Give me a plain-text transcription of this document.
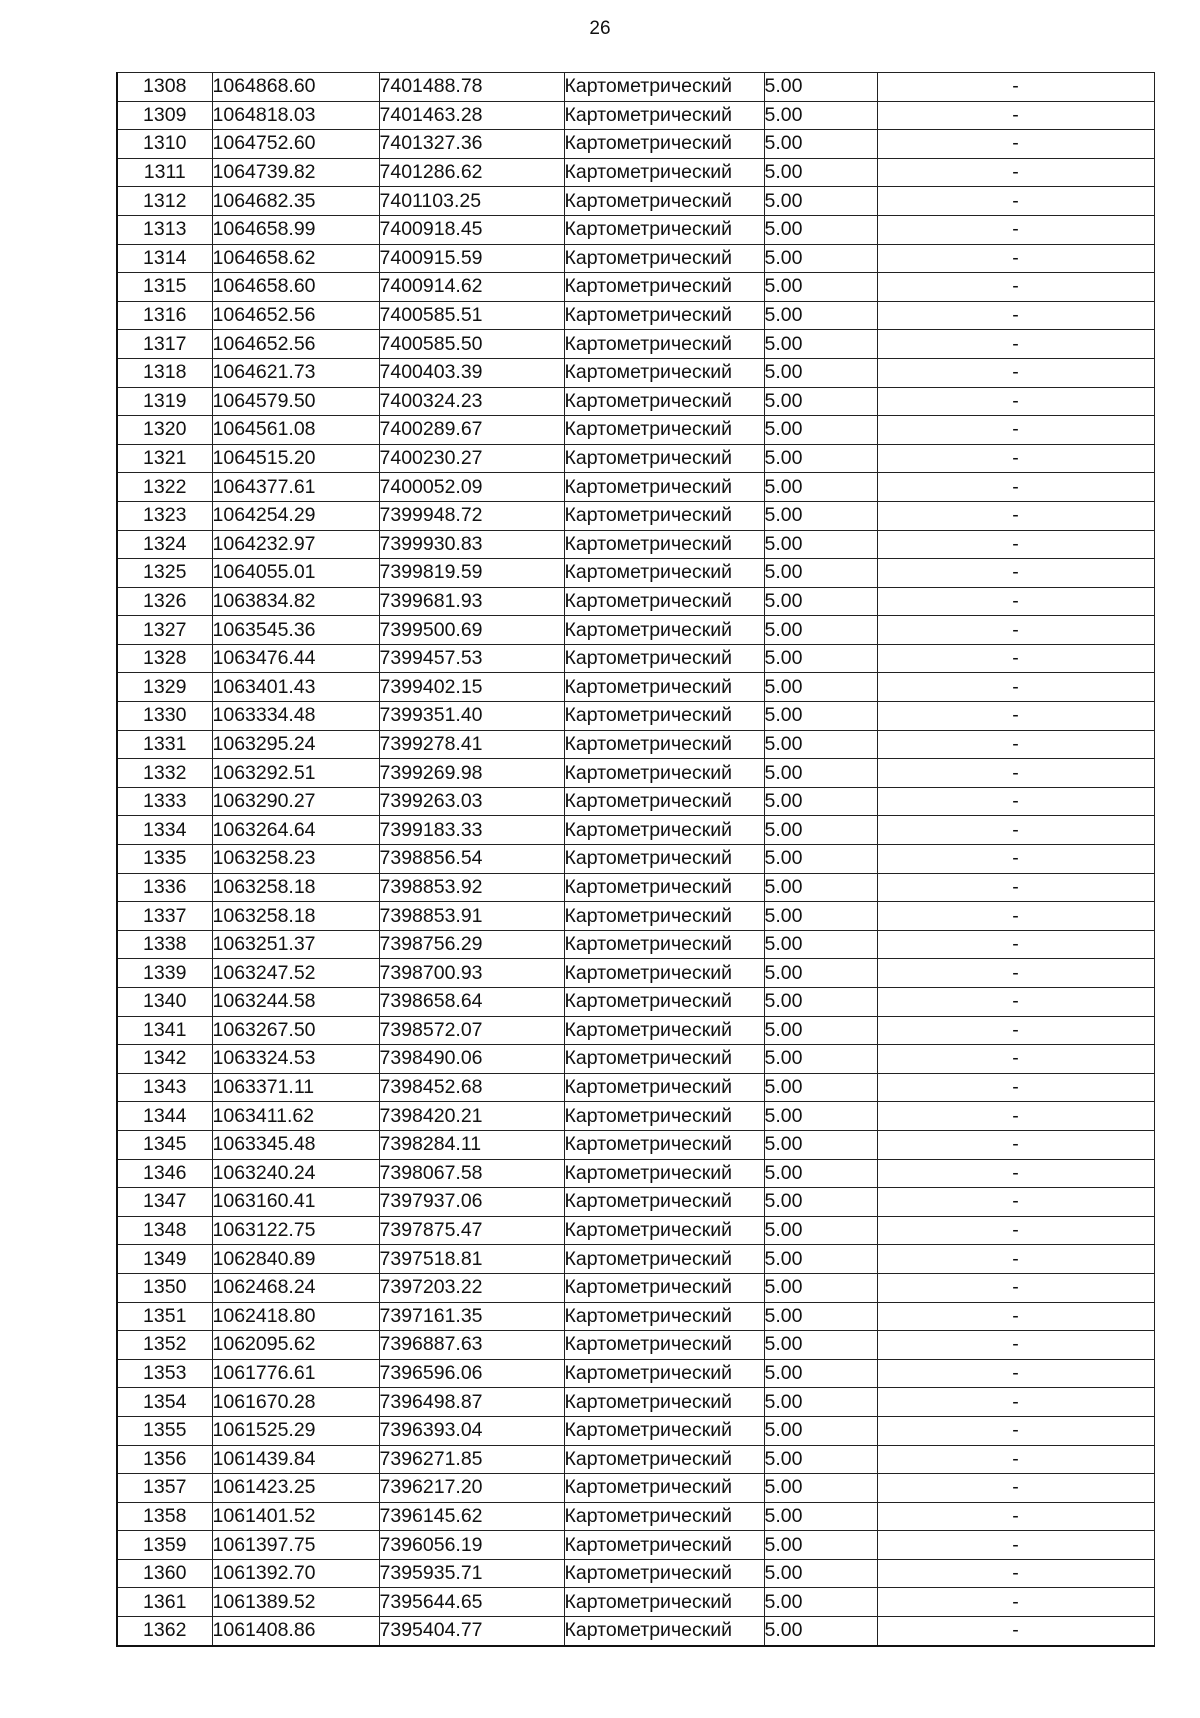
26
1308	1064868.60	7401488.78	Картометрический	5.00	-
1309	1064818.03	7401463.28	Картометрический	5.00	-
1310	1064752.60	7401327.36	Картометрический	5.00	-
1311	1064739.82	7401286.62	Картометрический	5.00	-
1312	1064682.35	7401103.25	Картометрический	5.00	-
1313	1064658.99	7400918.45	Картометрический	5.00	-
1314	1064658.62	7400915.59	Картометрический	5.00	-
1315	1064658.60	7400914.62	Картометрический	5.00	-
1316	1064652.56	7400585.51	Картометрический	5.00	-
1317	1064652.56	7400585.50	Картометрический	5.00	-
1318	1064621.73	7400403.39	Картометрический	5.00	-
1319	1064579.50	7400324.23	Картометрический	5.00	-
1320	1064561.08	7400289.67	Картометрический	5.00	-
1321	1064515.20	7400230.27	Картометрический	5.00	-
1322	1064377.61	7400052.09	Картометрический	5.00	-
1323	1064254.29	7399948.72	Картометрический	5.00	-
1324	1064232.97	7399930.83	Картометрический	5.00	-
1325	1064055.01	7399819.59	Картометрический	5.00	-
1326	1063834.82	7399681.93	Картометрический	5.00	-
1327	1063545.36	7399500.69	Картометрический	5.00	-
1328	1063476.44	7399457.53	Картометрический	5.00	-
1329	1063401.43	7399402.15	Картометрический	5.00	-
1330	1063334.48	7399351.40	Картометрический	5.00	-
1331	1063295.24	7399278.41	Картометрический	5.00	-
1332	1063292.51	7399269.98	Картометрический	5.00	-
1333	1063290.27	7399263.03	Картометрический	5.00	-
1334	1063264.64	7399183.33	Картометрический	5.00	-
1335	1063258.23	7398856.54	Картометрический	5.00	-
1336	1063258.18	7398853.92	Картометрический	5.00	-
1337	1063258.18	7398853.91	Картометрический	5.00	-
1338	1063251.37	7398756.29	Картометрический	5.00	-
1339	1063247.52	7398700.93	Картометрический	5.00	-
1340	1063244.58	7398658.64	Картометрический	5.00	-
1341	1063267.50	7398572.07	Картометрический	5.00	-
1342	1063324.53	7398490.06	Картометрический	5.00	-
1343	1063371.11	7398452.68	Картометрический	5.00	-
1344	1063411.62	7398420.21	Картометрический	5.00	-
1345	1063345.48	7398284.11	Картометрический	5.00	-
1346	1063240.24	7398067.58	Картометрический	5.00	-
1347	1063160.41	7397937.06	Картометрический	5.00	-
1348	1063122.75	7397875.47	Картометрический	5.00	-
1349	1062840.89	7397518.81	Картометрический	5.00	-
1350	1062468.24	7397203.22	Картометрический	5.00	-
1351	1062418.80	7397161.35	Картометрический	5.00	-
1352	1062095.62	7396887.63	Картометрический	5.00	-
1353	1061776.61	7396596.06	Картометрический	5.00	-
1354	1061670.28	7396498.87	Картометрический	5.00	-
1355	1061525.29	7396393.04	Картометрический	5.00	-
1356	1061439.84	7396271.85	Картометрический	5.00	-
1357	1061423.25	7396217.20	Картометрический	5.00	-
1358	1061401.52	7396145.62	Картометрический	5.00	-
1359	1061397.75	7396056.19	Картометрический	5.00	-
1360	1061392.70	7395935.71	Картометрический	5.00	-
1361	1061389.52	7395644.65	Картометрический	5.00	-
1362	1061408.86	7395404.77	Картометрический	5.00	-
